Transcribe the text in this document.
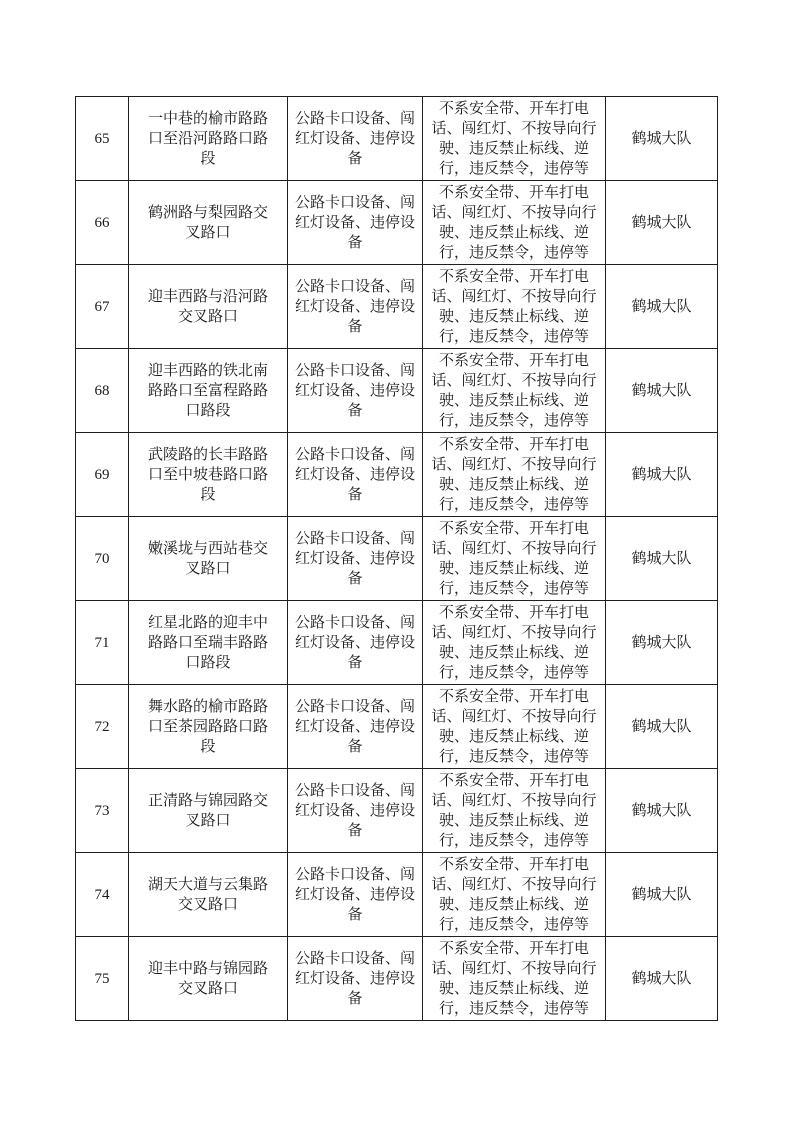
65	一中巷的榆市路路口至沿河路路口路段	公路卡口设备、闯红灯设备、违停设备	不系安全带、开车打电话、闯红灯、不按导向行驶、违反禁止标线、逆行，违反禁令，违停等	鹤城大队
66	鹤洲路与梨园路交叉路口	公路卡口设备、闯红灯设备、违停设备	不系安全带、开车打电话、闯红灯、不按导向行驶、违反禁止标线、逆行，违反禁令，违停等	鹤城大队
67	迎丰西路与沿河路交叉路口	公路卡口设备、闯红灯设备、违停设备	不系安全带、开车打电话、闯红灯、不按导向行驶、违反禁止标线、逆行，违反禁令，违停等	鹤城大队
68	迎丰西路的铁北南路路口至富程路路口路段	公路卡口设备、闯红灯设备、违停设备	不系安全带、开车打电话、闯红灯、不按导向行驶、违反禁止标线、逆行，违反禁令，违停等	鹤城大队
69	武陵路的长丰路路口至中坡巷路口路段	公路卡口设备、闯红灯设备、违停设备	不系安全带、开车打电话、闯红灯、不按导向行驶、违反禁止标线、逆行，违反禁令，违停等	鹤城大队
70	嫩溪垅与西站巷交叉路口	公路卡口设备、闯红灯设备、违停设备	不系安全带、开车打电话、闯红灯、不按导向行驶、违反禁止标线、逆行，违反禁令，违停等	鹤城大队
71	红星北路的迎丰中路路口至瑞丰路路口路段	公路卡口设备、闯红灯设备、违停设备	不系安全带、开车打电话、闯红灯、不按导向行驶、违反禁止标线、逆行，违反禁令，违停等	鹤城大队
72	舞水路的榆市路路口至茶园路路口路段	公路卡口设备、闯红灯设备、违停设备	不系安全带、开车打电话、闯红灯、不按导向行驶、违反禁止标线、逆行，违反禁令，违停等	鹤城大队
73	正清路与锦园路交叉路口	公路卡口设备、闯红灯设备、违停设备	不系安全带、开车打电话、闯红灯、不按导向行驶、违反禁止标线、逆行，违反禁令，违停等	鹤城大队
74	湖天大道与云集路交叉路口	公路卡口设备、闯红灯设备、违停设备	不系安全带、开车打电话、闯红灯、不按导向行驶、违反禁止标线、逆行，违反禁令，违停等	鹤城大队
75	迎丰中路与锦园路交叉路口	公路卡口设备、闯红灯设备、违停设备	不系安全带、开车打电话、闯红灯、不按导向行驶、违反禁止标线、逆行，违反禁令，违停等	鹤城大队
